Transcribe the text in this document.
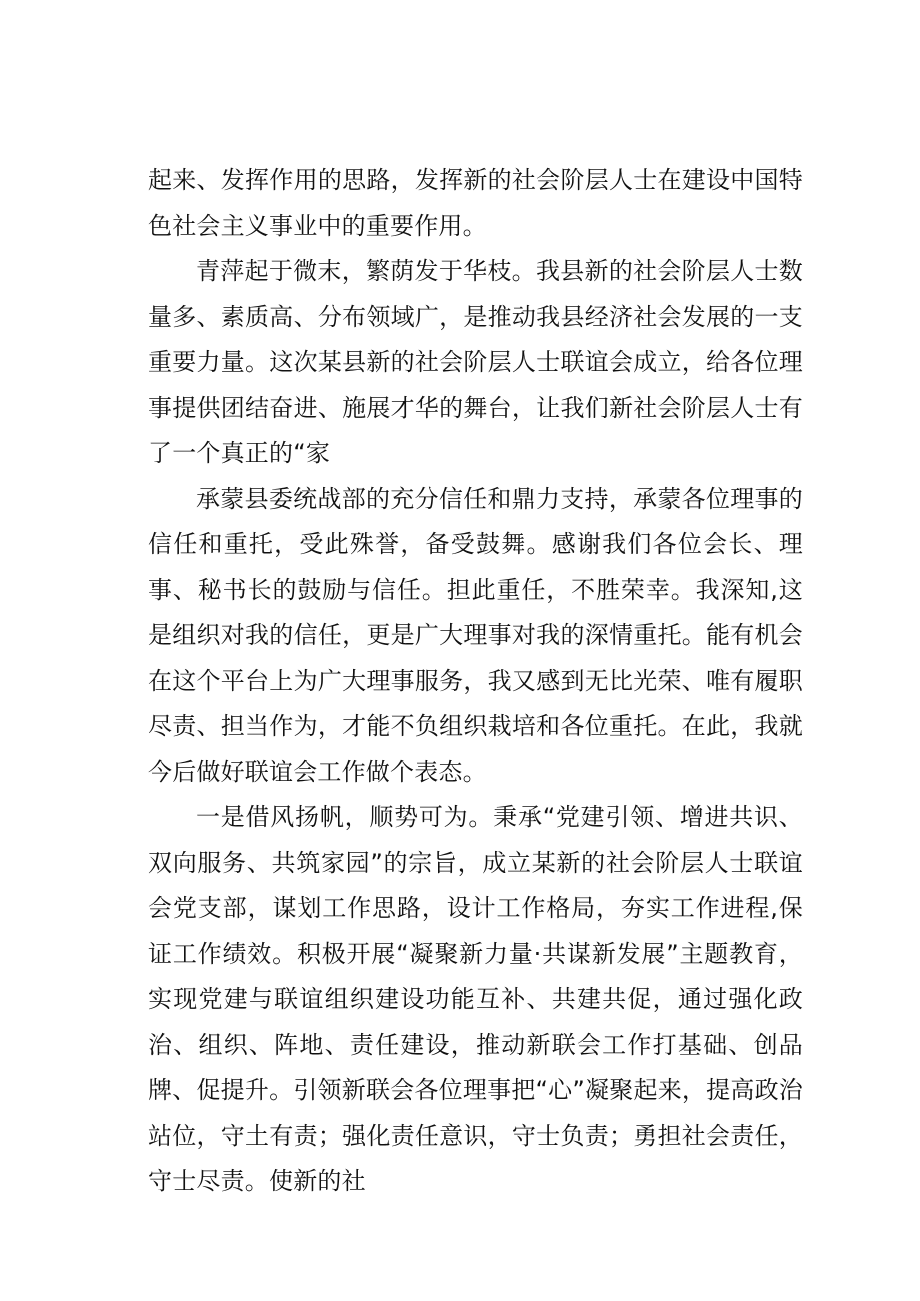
起来、发挥作用的思路，发挥新的社会阶层人士在建设中国特色社会主义事业中的重要作用。

青萍起于微末，繁荫发于华枝。我县新的社会阶层人士数量多、素质高、分布领域广，是推动我县经济社会发展的一支重要力量。这次某县新的社会阶层人士联谊会成立，给各位理事提供团结奋进、施展才华的舞台，让我们新社会阶层人士有了一个真正的“家

承蒙县委统战部的充分信任和鼎力支持，承蒙各位理事的信任和重托，受此殊誉，备受鼓舞。感谢我们各位会长、理事、秘书长的鼓励与信任。担此重任，不胜荣幸。我深知,这是组织对我的信任，更是广大理事对我的深情重托。能有机会在这个平台上为广大理事服务，我又感到无比光荣、唯有履职尽责、担当作为，才能不负组织栽培和各位重托。在此，我就今后做好联谊会工作做个表态。

一是借风扬帆，顺势可为。秉承“党建引领、增进共识、双向服务、共筑家园”的宗旨，成立某新的社会阶层人士联谊会党支部，谋划工作思路，设计工作格局，夯实工作进程,保证工作绩效。积极开展“凝聚新力量·共谋新发展”主题教育，实现党建与联谊组织建设功能互补、共建共促，通过强化政治、组织、阵地、责任建设，推动新联会工作打基础、创品牌、促提升。引领新联会各位理事把“心”凝聚起来，提高政治站位，守土有责；强化责任意识，守士负责；勇担社会责任，守士尽责。使新的社
